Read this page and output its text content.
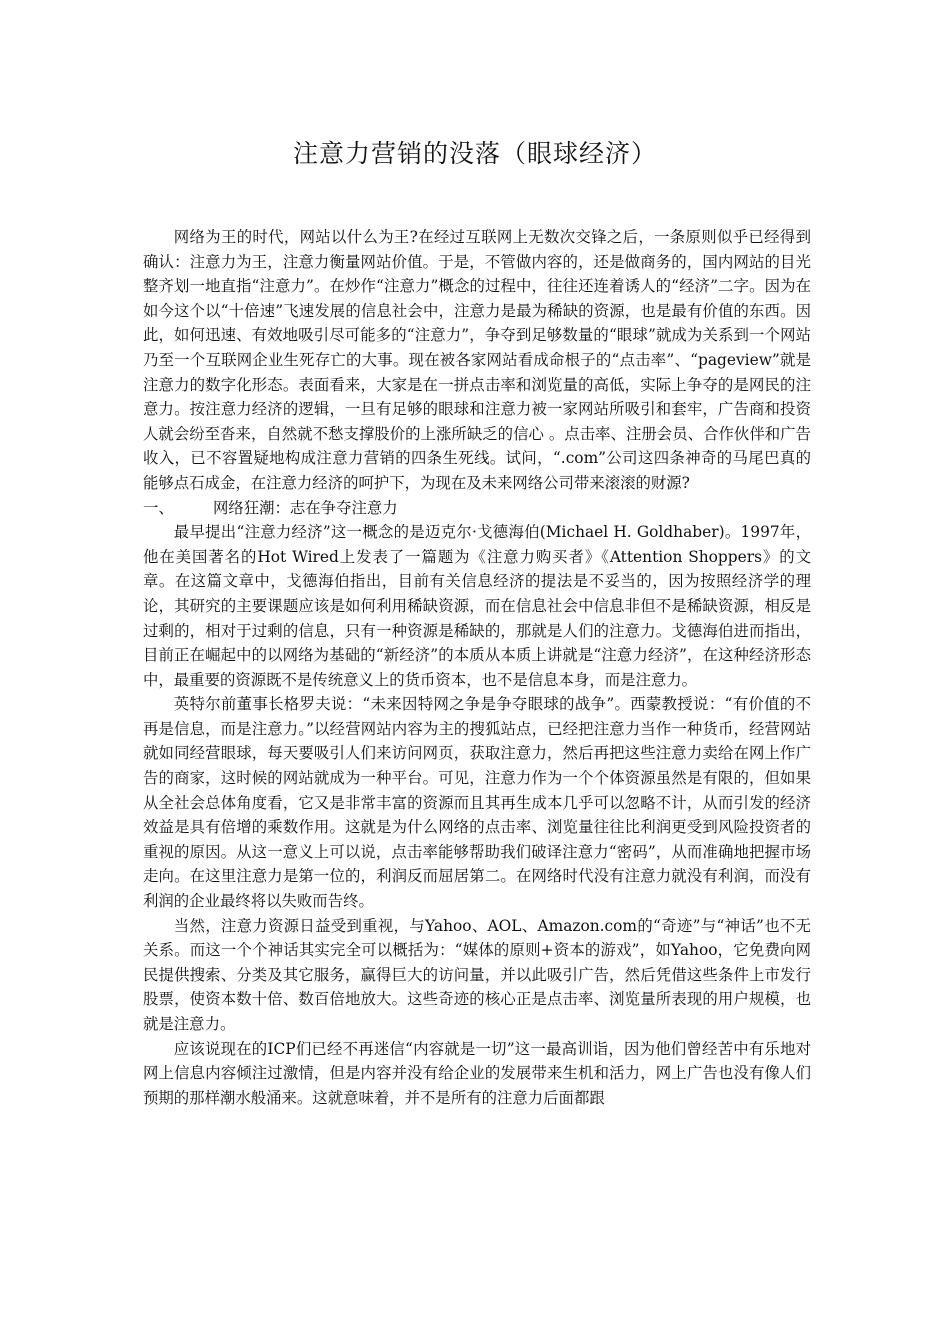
注意力营销的没落（眼球经济）

网络为王的时代，网站以什么为王?在经过互联网上无数次交锋之后，一条原则似乎已经得到确认：注意力为王，注意力衡量网站价值。于是，不管做内容的，还是做商务的，国内网站的目光整齐划一地直指“注意力”。在炒作“注意力”概念的过程中，往往还连着诱人的“经济”二字。因为在如今这个以“十倍速”飞速发展的信息社会中，注意力是最为稀缺的资源，也是最有价值的东西。因此，如何迅速、有效地吸引尽可能多的“注意力”，争夺到足够数量的“眼球”就成为关系到一个网站乃至一个互联网企业生死存亡的大事。现在被各家网站看成命根子的“点击率”、“pageview”就是注意力的数字化形态。表面看来，大家是在一拼点击率和浏览量的高低，实际上争夺的是网民的注意力。按注意力经济的逻辑，一旦有足够的眼球和注意力被一家网站所吸引和套牢，广告商和投资人就会纷至沓来，自然就不愁支撑股价的上涨所缺乏的信心 。点击率、注册会员、合作伙伴和广告收入，已不容置疑地构成注意力营销的四条生死线。试问，“.com”公司这四条神奇的马尾巴真的能够点石成金，在注意力经济的呵护下，为现在及未来网络公司带来滚滚的财源?

一、	网络狂潮：志在争夺注意力

最早提出“注意力经济”这一概念的是迈克尔·戈德海伯(Michael H. Goldhaber)。1997年，他在美国著名的Hot Wired上发表了一篇题为《注意力购买者》《Attention Shoppers》的文章。在这篇文章中，戈德海伯指出，目前有关信息经济的提法是不妥当的，因为按照经济学的理论，其研究的主要课题应该是如何利用稀缺资源，而在信息社会中信息非但不是稀缺资源，相反是过剩的，相对于过剩的信息，只有一种资源是稀缺的，那就是人们的注意力。戈德海伯进而指出，目前正在崛起中的以网络为基础的“新经济”的本质从本质上讲就是“注意力经济”，在这种经济形态中，最重要的资源既不是传统意义上的货币资本，也不是信息本身，而是注意力。

英特尔前董事长格罗夫说：“未来因特网之争是争夺眼球的战争”。西蒙教授说：“有价值的不再是信息，而是注意力。”以经营网站内容为主的搜狐站点，已经把注意力当作一种货币，经营网站就如同经营眼球，每天要吸引人们来访问网页，获取注意力，然后再把这些注意力卖给在网上作广告的商家，这时候的网站就成为一种平台。可见，注意力作为一个个体资源虽然是有限的，但如果从全社会总体角度看，它又是非常丰富的资源而且其再生成本几乎可以忽略不计，从而引发的经济效益是具有倍增的乘数作用。这就是为什么网络的点击率、浏览量往往比利润更受到风险投资者的重视的原因。从这一意义上可以说，点击率能够帮助我们破译注意力“密码”，从而准确地把握市场走向。在这里注意力是第一位的，利润反而屈居第二。在网络时代没有注意力就没有利润，而没有利润的企业最终将以失败而告终。

当然，注意力资源日益受到重视，与Yahoo、AOL、Amazon.com的“奇迹”与“神话”也不无关系。而这一个个神话其实完全可以概括为：“媒体的原则+资本的游戏”，如Yahoo，它免费向网民提供搜索、分类及其它服务，赢得巨大的访问量，并以此吸引广告，然后凭借这些条件上市发行股票，使资本数十倍、数百倍地放大。这些奇迹的核心正是点击率、浏览量所表现的用户规模，也就是注意力。

应该说现在的ICP们已经不再迷信“内容就是一切”这一最高训诣，因为他们曾经苦中有乐地对网上信息内容倾注过激情，但是内容并没有给企业的发展带来生机和活力，网上广告也没有像人们预期的那样潮水般涌来。这就意味着，并不是所有的注意力后面都跟
